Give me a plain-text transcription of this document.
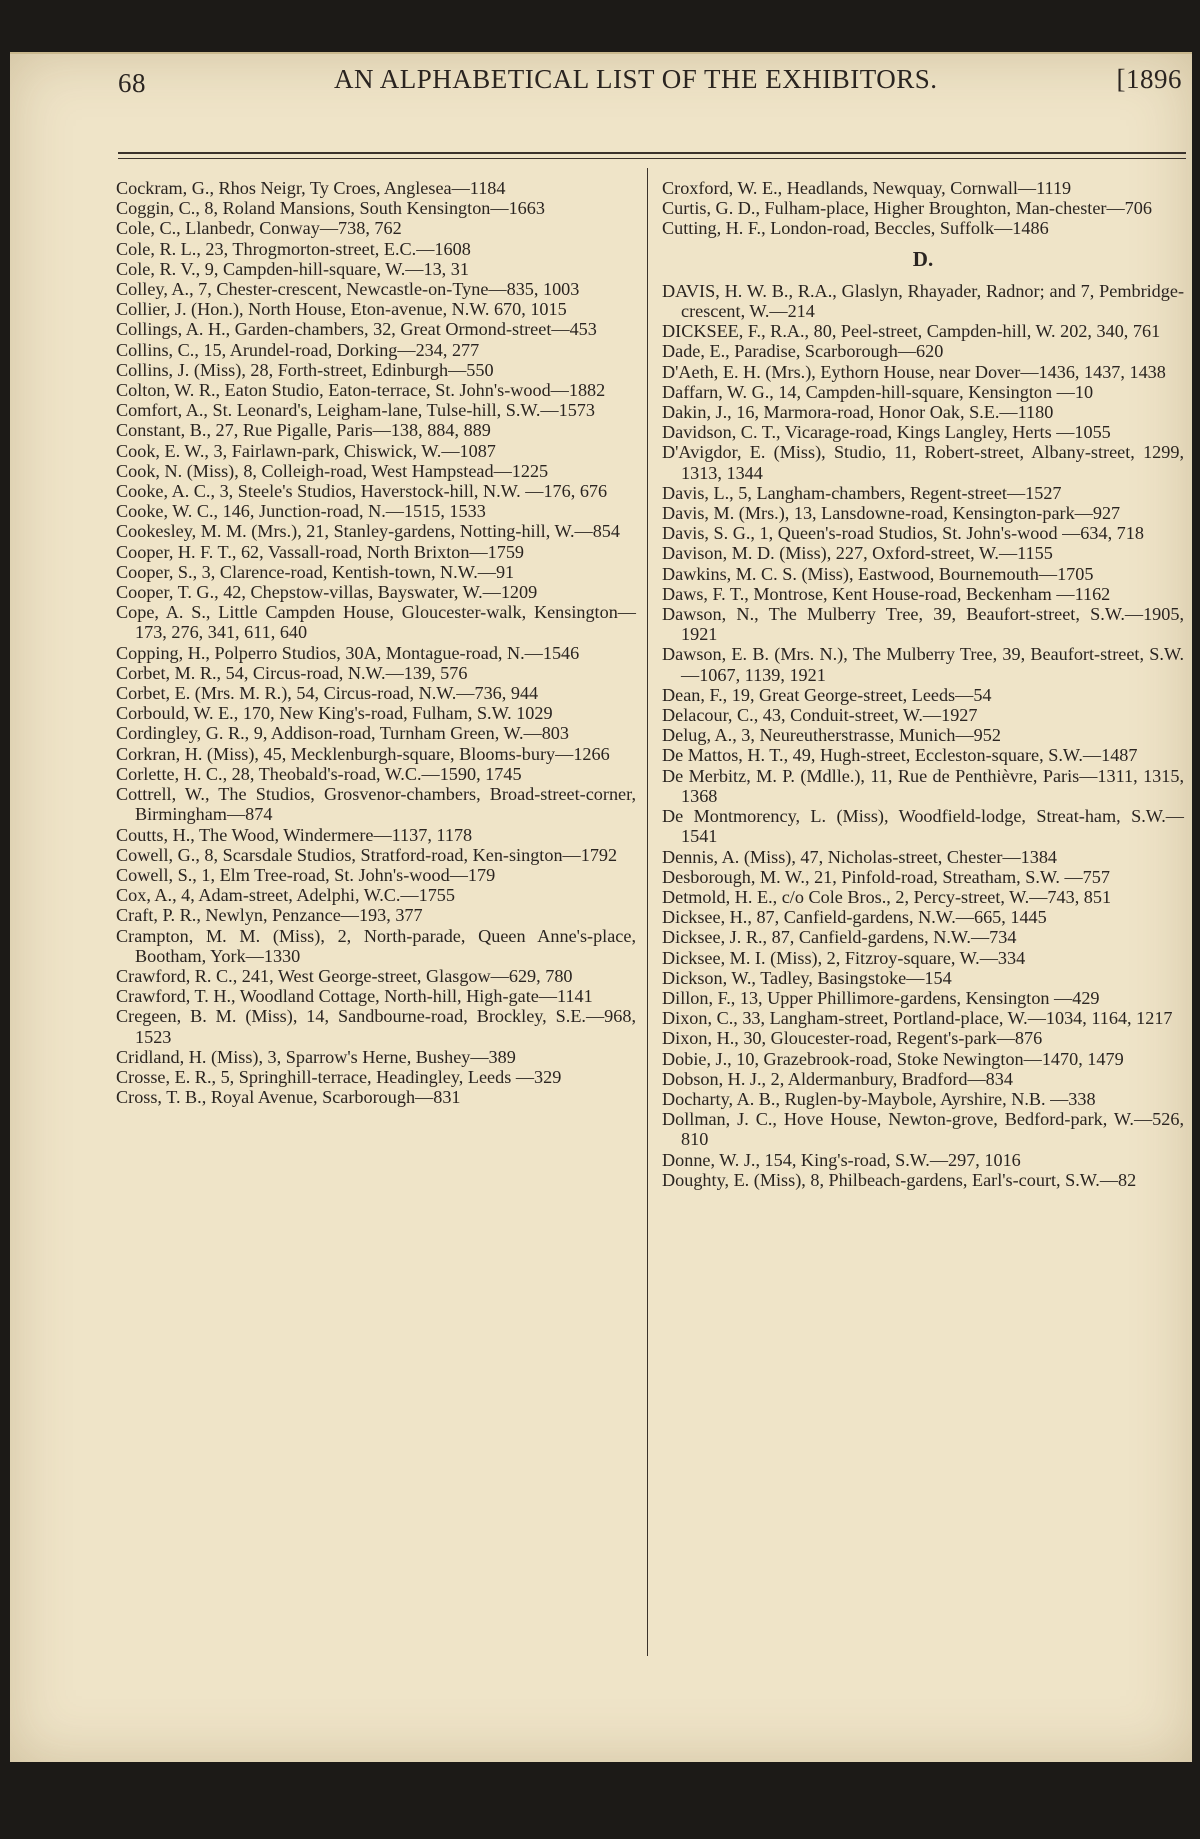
68	AN ALPHABETICAL LIST OF THE EXHIBITORS.	[1896

Cockram, G., Rhos Neigr, Ty Croes, Anglesea—1184

Coggin, C., 8, Roland Mansions, South Kensington—1663

Cole, C., Llanbedr, Conway—738, 762

Cole, R. L., 23, Throgmorton-street, E.C.—1608

Cole, R. V., 9, Campden-hill-square, W.—13, 31

Colley, A., 7, Chester-crescent, Newcastle-on-Tyne—835, 1003

Collier, J. (Hon.), North House, Eton-avenue, N.W. 670, 1015

Collings, A. H., Garden-chambers, 32, Great Ormond-street—453

Collins, C., 15, Arundel-road, Dorking—234, 277

Collins, J. (Miss), 28, Forth-street, Edinburgh—550

Colton, W. R., Eaton Studio, Eaton-terrace, St. John's-wood—1882

Comfort, A., St. Leonard's, Leigham-lane, Tulse-hill, S.W.—1573

Constant, B., 27, Rue Pigalle, Paris—138, 884, 889

Cook, E. W., 3, Fairlawn-park, Chiswick, W.—1087

Cook, N. (Miss), 8, Colleigh-road, West Hampstead—1225

Cooke, A. C., 3, Steele's Studios, Haverstock-hill, N.W. —176, 676

Cooke, W. C., 146, Junction-road, N.—1515, 1533

Cookesley, M. M. (Mrs.), 21, Stanley-gardens, Notting-hill, W.—854

Cooper, H. F. T., 62, Vassall-road, North Brixton—1759

Cooper, S., 3, Clarence-road, Kentish-town, N.W.—91

Cooper, T. G., 42, Chepstow-villas, Bayswater, W.—1209

Cope, A. S., Little Campden House, Gloucester-walk, Kensington—173, 276, 341, 611, 640

Copping, H., Polperro Studios, 30A, Montague-road, N.—1546

Corbet, M. R., 54, Circus-road, N.W.—139, 576

Corbet, E. (Mrs. M. R.), 54, Circus-road, N.W.—736, 944

Corbould, W. E., 170, New King's-road, Fulham, S.W. 1029

Cordingley, G. R., 9, Addison-road, Turnham Green, W.—803

Corkran, H. (Miss), 45, Mecklenburgh-square, Blooms-bury—1266

Corlette, H. C., 28, Theobald's-road, W.C.—1590, 1745

Cottrell, W., The Studios, Grosvenor-chambers, Broad-street-corner, Birmingham—874

Coutts, H., The Wood, Windermere—1137, 1178

Cowell, G., 8, Scarsdale Studios, Stratford-road, Ken-sington—1792

Cowell, S., 1, Elm Tree-road, St. John's-wood—179

Cox, A., 4, Adam-street, Adelphi, W.C.—1755

Craft, P. R., Newlyn, Penzance—193, 377

Crampton, M. M. (Miss), 2, North-parade, Queen Anne's-place, Bootham, York—1330

Crawford, R. C., 241, West George-street, Glasgow—629, 780

Crawford, T. H., Woodland Cottage, North-hill, High-gate—1141

Cregeen, B. M. (Miss), 14, Sandbourne-road, Brockley, S.E.—968, 1523

Cridland, H. (Miss), 3, Sparrow's Herne, Bushey—389

Crosse, E. R., 5, Springhill-terrace, Headingley, Leeds —329

Cross, T. B., Royal Avenue, Scarborough—831

Croxford, W. E., Headlands, Newquay, Cornwall—1119

Curtis, G. D., Fulham-place, Higher Broughton, Man-chester—706

Cutting, H. F., London-road, Beccles, Suffolk—1486

D.

DAVIS, H. W. B., R.A., Glaslyn, Rhayader, Radnor; and 7, Pembridge-crescent, W.—214

DICKSEE, F., R.A., 80, Peel-street, Campden-hill, W. 202, 340, 761

Dade, E., Paradise, Scarborough—620

D'Aeth, E. H. (Mrs.), Eythorn House, near Dover—1436, 1437, 1438

Daffarn, W. G., 14, Campden-hill-square, Kensington —10

Dakin, J., 16, Marmora-road, Honor Oak, S.E.—1180

Davidson, C. T., Vicarage-road, Kings Langley, Herts —1055

D'Avigdor, E. (Miss), Studio, 11, Robert-street, Albany-street, 1299, 1313, 1344

Davis, L., 5, Langham-chambers, Regent-street—1527

Davis, M. (Mrs.), 13, Lansdowne-road, Kensington-park—927

Davis, S. G., 1, Queen's-road Studios, St. John's-wood —634, 718

Davison, M. D. (Miss), 227, Oxford-street, W.—1155

Dawkins, M. C. S. (Miss), Eastwood, Bournemouth—1705

Daws, F. T., Montrose, Kent House-road, Beckenham —1162

Dawson, N., The Mulberry Tree, 39, Beaufort-street, S.W.—1905, 1921

Dawson, E. B. (Mrs. N.), The Mulberry Tree, 39, Beaufort-street, S.W.—1067, 1139, 1921

Dean, F., 19, Great George-street, Leeds—54

Delacour, C., 43, Conduit-street, W.—1927

Delug, A., 3, Neureutherstrasse, Munich—952

De Mattos, H. T., 49, Hugh-street, Eccleston-square, S.W.—1487

De Merbitz, M. P. (Mdlle.), 11, Rue de Penthièvre, Paris—1311, 1315, 1368

De Montmorency, L. (Miss), Woodfield-lodge, Streat-ham, S.W.—1541

Dennis, A. (Miss), 47, Nicholas-street, Chester—1384

Desborough, M. W., 21, Pinfold-road, Streatham, S.W. —757

Detmold, H. E., c/o Cole Bros., 2, Percy-street, W.—743, 851

Dicksee, H., 87, Canfield-gardens, N.W.—665, 1445

Dicksee, J. R., 87, Canfield-gardens, N.W.—734

Dicksee, M. I. (Miss), 2, Fitzroy-square, W.—334

Dickson, W., Tadley, Basingstoke—154

Dillon, F., 13, Upper Phillimore-gardens, Kensington —429

Dixon, C., 33, Langham-street, Portland-place, W.—1034, 1164, 1217

Dixon, H., 30, Gloucester-road, Regent's-park—876

Dobie, J., 10, Grazebrook-road, Stoke Newington—1470, 1479

Dobson, H. J., 2, Aldermanbury, Bradford—834

Docharty, A. B., Ruglen-by-Maybole, Ayrshire, N.B. —338

Dollman, J. C., Hove House, Newton-grove, Bedford-park, W.—526, 810

Donne, W. J., 154, King's-road, S.W.—297, 1016

Doughty, E. (Miss), 8, Philbeach-gardens, Earl's-court, S.W.—82
